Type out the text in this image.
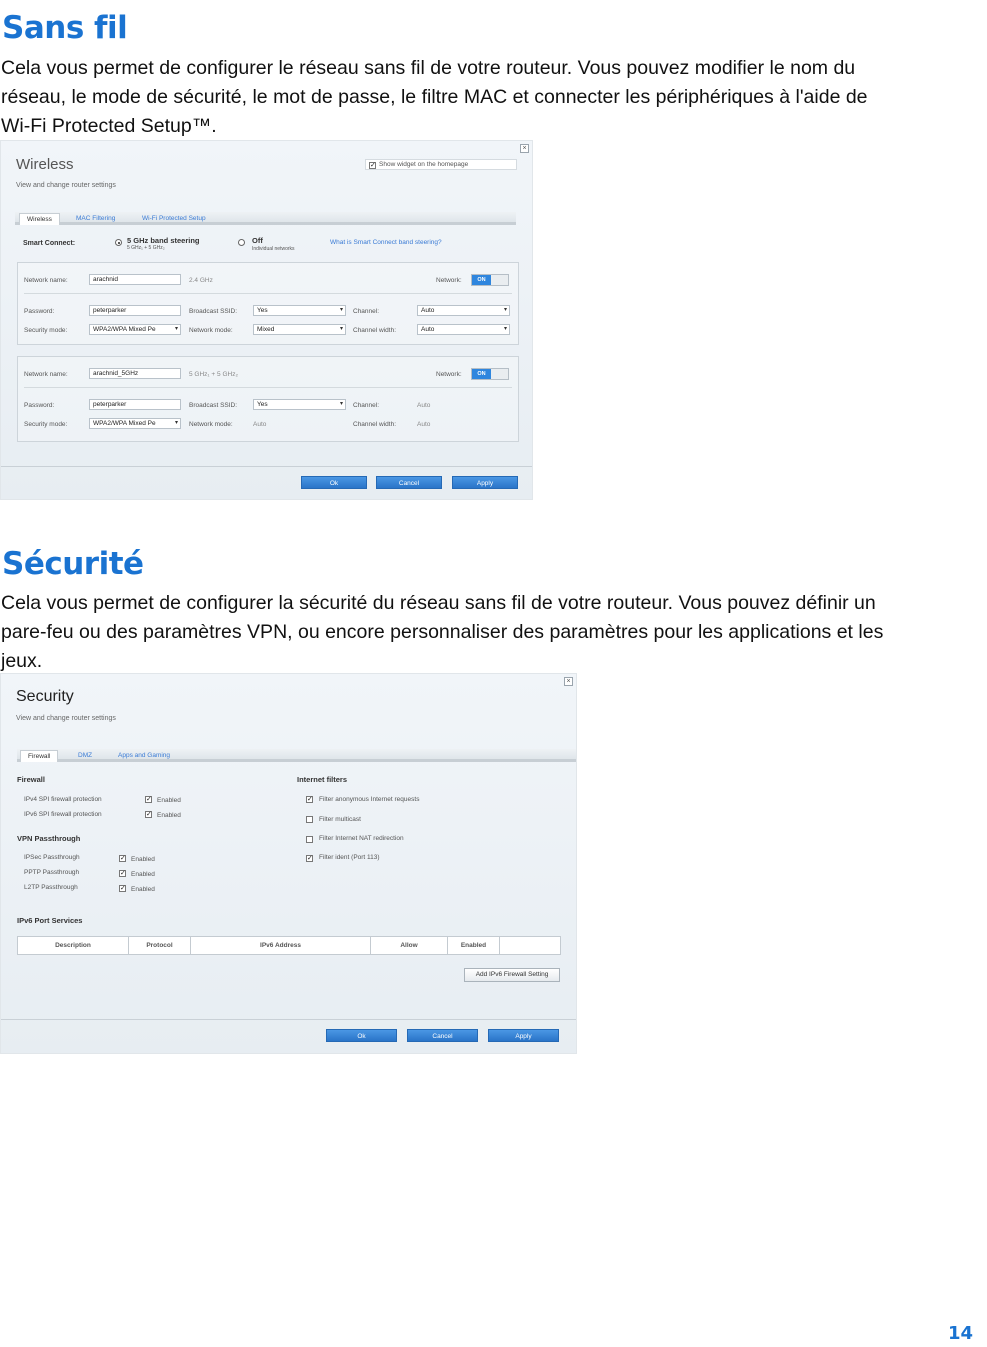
Sans fil
Cela vous permet de configurer le réseau sans fil de votre routeur. Vous pouvez modifier le nom du
réseau, le mode de sécurité, le mot de passe, le filtre MAC et connecter les périphériques à l'aide de
Wi-Fi Protected Setup™.
×
Wireless
View and change router settings
✓ Show widget on the homepage
Wireless	MAC Filtering	Wi-Fi Protected Setup
Smart Connect:	5 GHz band steering
5 GHz₁ + 5 GHz₂
Off
Individual networks
What is Smart Connect band steering?
Network name:	arachnid	2.4 GHz	Network:	ON
Password:	peterparker	Broadcast SSID:	Yes ▾	Channel:	Auto ▾
Security mode:	WPA2/WPA Mixed Pe ▾	Network mode:	Mixed ▾	Channel width:	Auto ▾
Network name:	arachnid_5GHz	5 GHz₁ + 5 GHz₂	Network:	ON
Password:	peterparker	Broadcast SSID:	Yes ▾	Channel:	Auto
Security mode:	WPA2/WPA Mixed Pe ▾	Network mode:	Auto	Channel width:	Auto
Ok	Cancel	Apply
Sécurité
Cela vous permet de configurer la sécurité du réseau sans fil de votre routeur. Vous pouvez définir un
pare-feu ou des paramètres VPN, ou encore personnaliser des paramètres pour les applications et les
jeux.
×
Security
View and change router settings
Firewall	DMZ	Apps and Gaming
Firewall
IPv4 SPI firewall protection	✓ Enabled
IPv6 SPI firewall protection	✓ Enabled
VPN Passthrough
IPSec Passthrough	✓ Enabled
PPTP Passthrough	✓ Enabled
L2TP Passthrough	✓ Enabled
Internet filters
✓ Filter anonymous Internet requests
Filter multicast
Filter Internet NAT redirection
✓ Filter ident (Port 113)
IPv6 Port Services
Description	Protocol	IPv6 Address	Allow	Enabled
Add IPv6 Firewall Setting
Ok	Cancel	Apply
14
